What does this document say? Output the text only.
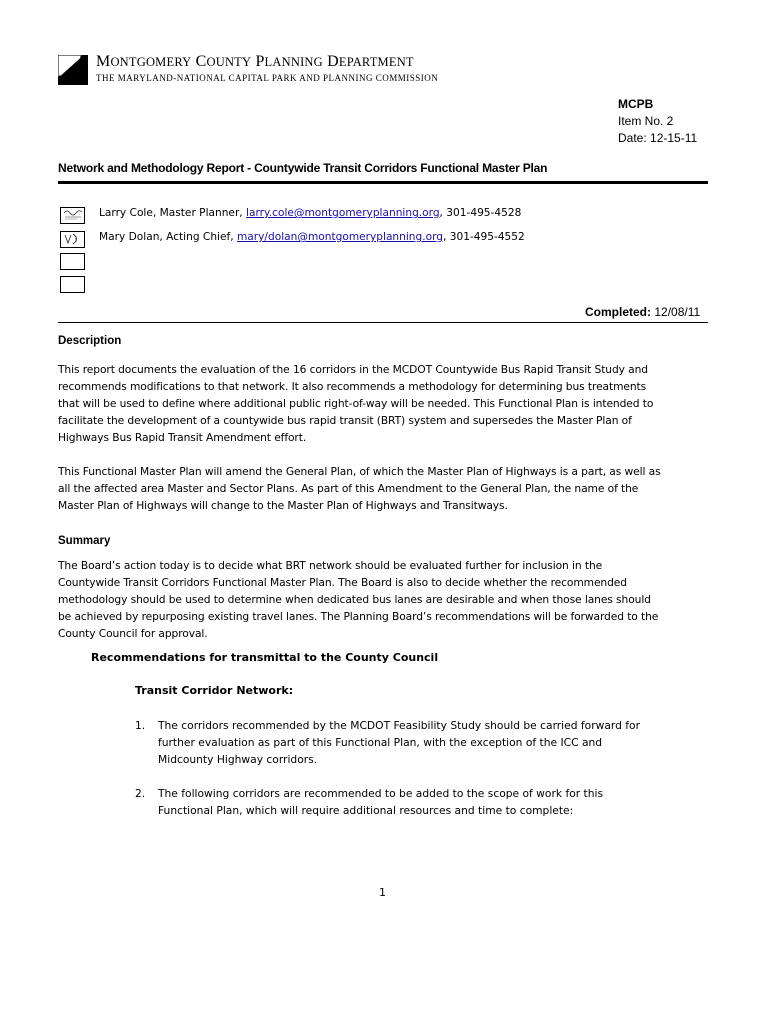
MONTGOMERY COUNTY PLANNING DEPARTMENT
THE MARYLAND-NATIONAL CAPITAL PARK AND PLANNING COMMISSION
MCPB
Item No. 2
Date: 12-15-11
Network and Methodology Report - Countywide Transit Corridors Functional Master Plan
Larry Cole, Master Planner, larry.cole@montgomeryplanning.org, 301-495-4528
Mary Dolan, Acting Chief, mary/dolan@montgomeryplanning.org, 301-495-4552
Completed: 12/08/11
Description
This report documents the evaluation of the 16 corridors in the MCDOT Countywide Bus Rapid Transit Study and
recommends modifications to that network. It also recommends a methodology for determining bus treatments
that will be used to define where additional public right-of-way will be needed. This Functional Plan is intended to
facilitate the development of a countywide bus rapid transit (BRT) system and supersedes the Master Plan of
Highways Bus Rapid Transit Amendment effort.
This Functional Master Plan will amend the General Plan, of which the Master Plan of Highways is a part, as well as
all the affected area Master and Sector Plans. As part of this Amendment to the General Plan, the name of the
Master Plan of Highways will change to the Master Plan of Highways and Transitways.
Summary
The Board’s action today is to decide what BRT network should be evaluated further for inclusion in the
Countywide Transit Corridors Functional Master Plan. The Board is also to decide whether the recommended
methodology should be used to determine when dedicated bus lanes are desirable and when those lanes should
be achieved by repurposing existing travel lanes. The Planning Board’s recommendations will be forwarded to the
County Council for approval.
Recommendations for transmittal to the County Council
Transit Corridor Network:
1. The corridors recommended by the MCDOT Feasibility Study should be carried forward for
further evaluation as part of this Functional Plan, with the exception of the ICC and
Midcounty Highway corridors.
2. The following corridors are recommended to be added to the scope of work for this
Functional Plan, which will require additional resources and time to complete:
1
